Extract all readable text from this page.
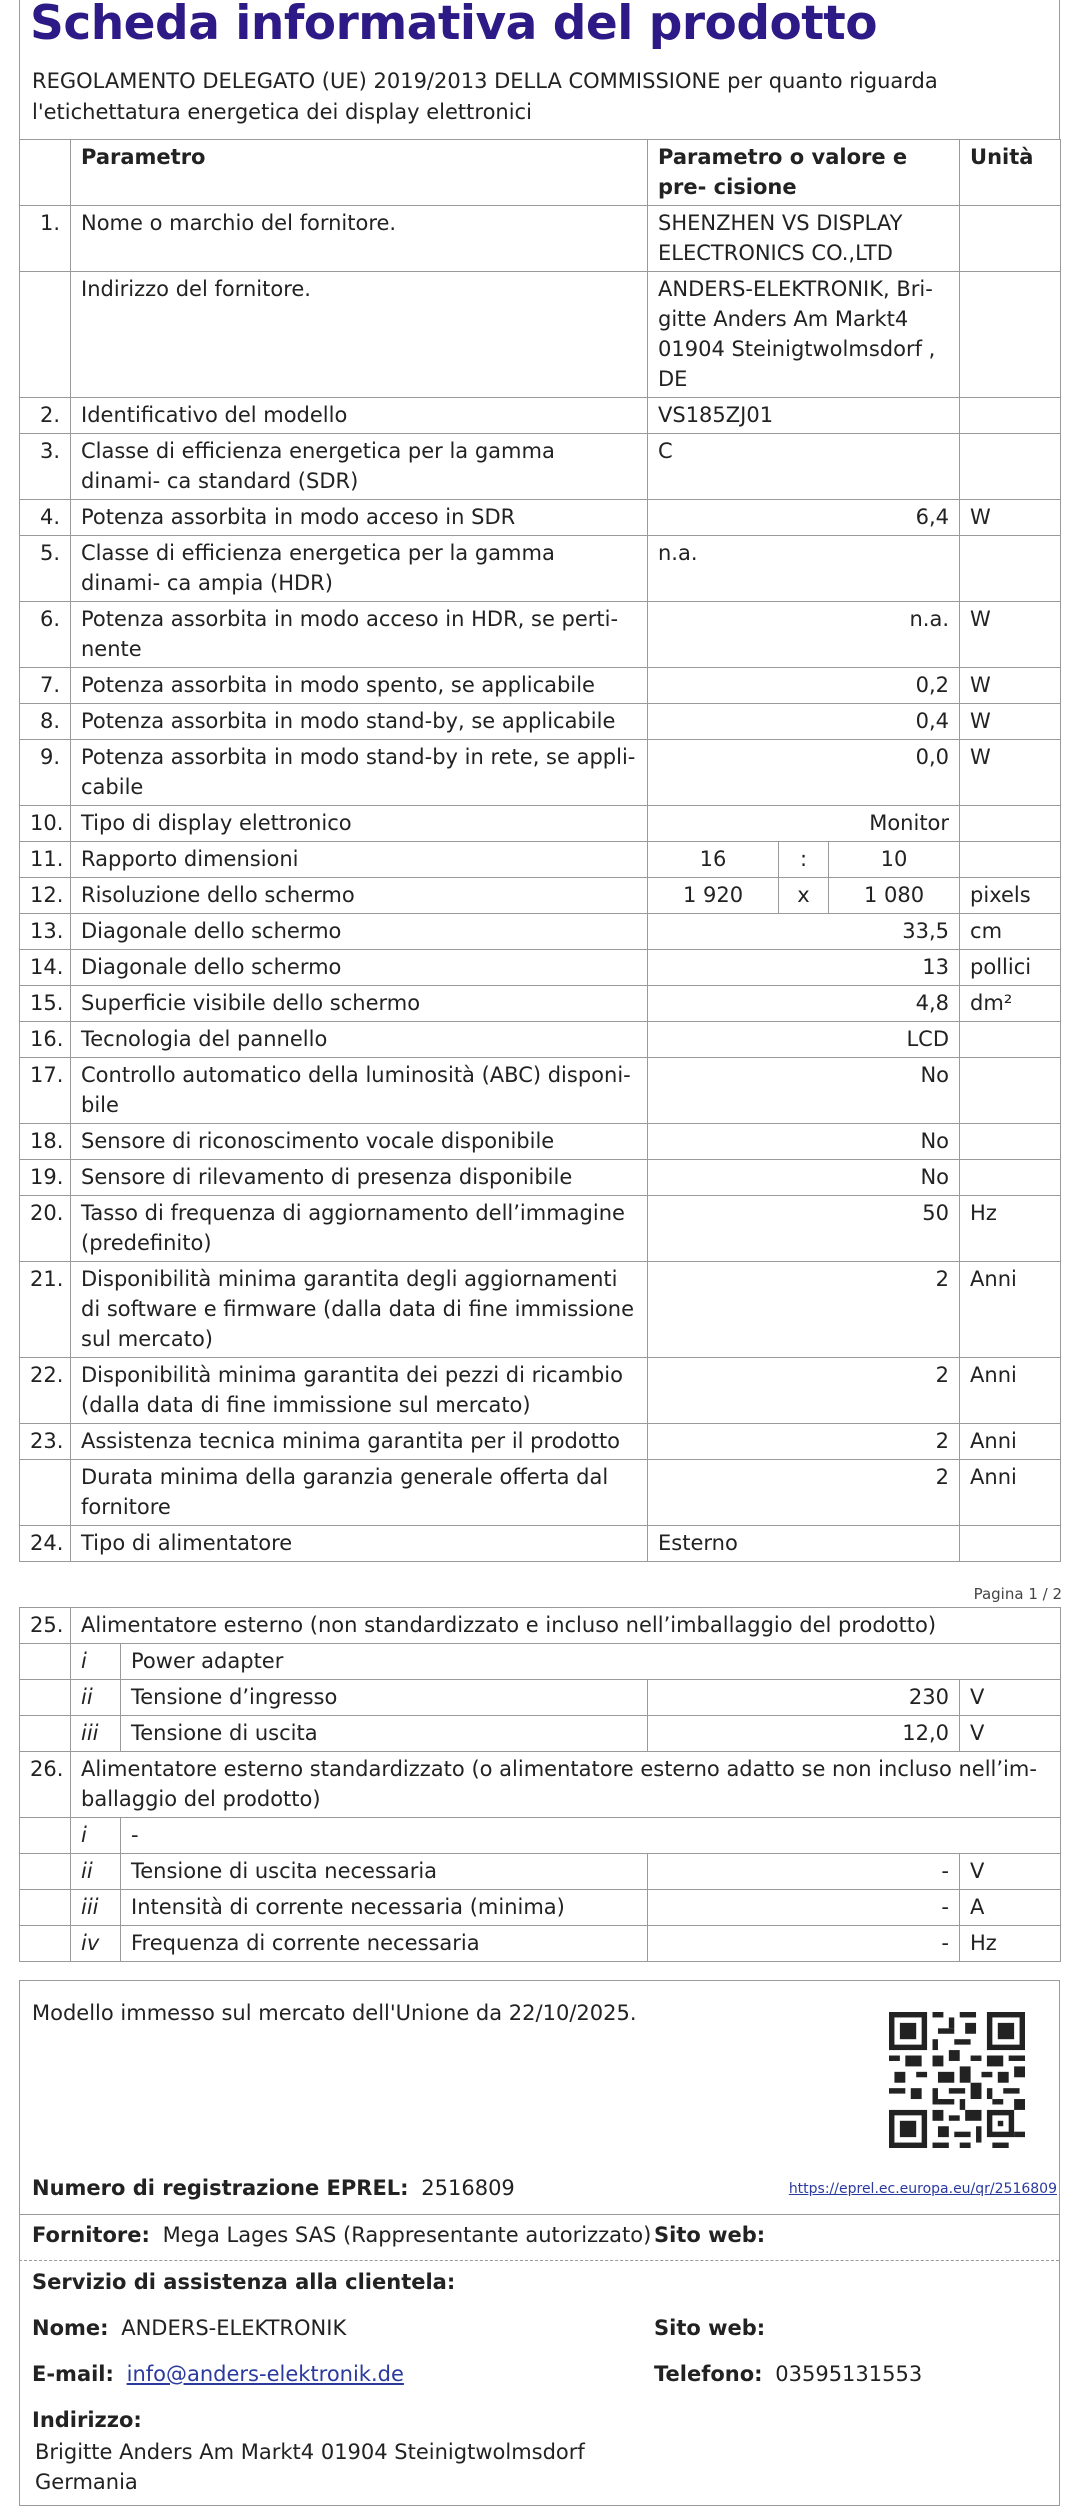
Scheda informativa del prodotto
REGOLAMENTO DELEGATO (UE) 2019/2013 DELLA COMMISSIONE per quanto riguarda l'etichettatura energetica dei display elettronici
	Parametro	Parametro o valore e pre- cisione			Unità
1.	Nome o marchio del fornitore.	SHENZHEN VS DISPLAY ELECTRONICS CO.,LTD			
	Indirizzo del fornitore.	ANDERS-ELEKTRONIK, Bri- gitte Anders Am Markt4 01904 Steinigtwolmsdorf , DE			
2.	Identificativo del modello	VS185ZJ01			
3.	Classe di efficienza energetica per la gamma dinami- ca standard (SDR)	C			
4.	Potenza assorbita in modo acceso in SDR	6,4			W
5.	Classe di efficienza energetica per la gamma dinami- ca ampia (HDR)	n.a.			
6.	Potenza assorbita in modo acceso in HDR, se perti- nente	n.a.			W
7.	Potenza assorbita in modo spento, se applicabile	0,2			W
8.	Potenza assorbita in modo stand-by, se applicabile	0,4			W
9.	Potenza assorbita in modo stand-by in rete, se appli- cabile	0,0			W
10.	Tipo di display elettronico	Monitor			
11.	Rapporto dimensioni	16	:	10	
12.	Risoluzione dello schermo	1 920	x	1 080	pixels
13.	Diagonale dello schermo	33,5			cm
14.	Diagonale dello schermo	13			pollici
15.	Superficie visibile dello schermo	4,8			dm²
16.	Tecnologia del pannello	LCD			
17.	Controllo automatico della luminosità (ABC) disponi- bile	No			
18.	Sensore di riconoscimento vocale disponibile	No			
19.	Sensore di rilevamento di presenza disponibile	No			
20.	Tasso di frequenza di aggiornamento dell’immagine (predefinito)	50			Hz
21.	Disponibilità minima garantita degli aggiornamenti di software e firmware (dalla data di fine immissione sul mercato)	2			Anni
22.	Disponibilità minima garantita dei pezzi di ricambio (dalla data di fine immissione sul mercato)	2			Anni
23.	Assistenza tecnica minima garantita per il prodotto	2			Anni
	Durata minima della garanzia generale offerta dal fornitore	2			Anni
24.	Tipo di alimentatore	Esterno			
Pagina 1 / 2
25.	Alimentatore esterno (non standardizzato e incluso nell’imballaggio del prodotto)			
	i	Power adapter		
	ii	Tensione d’ingresso	230	V
	iii	Tensione di uscita	12,0	V
26.	Alimentatore esterno standardizzato (o alimentatore esterno adatto se non incluso nell’im- ballaggio del prodotto)			
	i	-		
	ii	Tensione di uscita necessaria	-	V
	iii	Intensità di corrente necessaria (minima)	-	A
	iv	Frequenza di corrente necessaria	-	Hz
Modello immesso sul mercato dell'Unione da 22/10/2025.
Numero di registrazione EPREL: 2516809	https://eprel.ec.europa.eu/qr/2516809
Fornitore: Mega Lages SAS (Rappresentante autorizzato) Sito web:
Servizio di assistenza alla clientela:
Nome: ANDERS-ELEKTRONIK	Sito web:
E-mail: info@anders-elektronik.de	Telefono: 03595131553
Indirizzo:
Brigitte Anders Am Markt4 01904 Steinigtwolmsdorf
Germania
